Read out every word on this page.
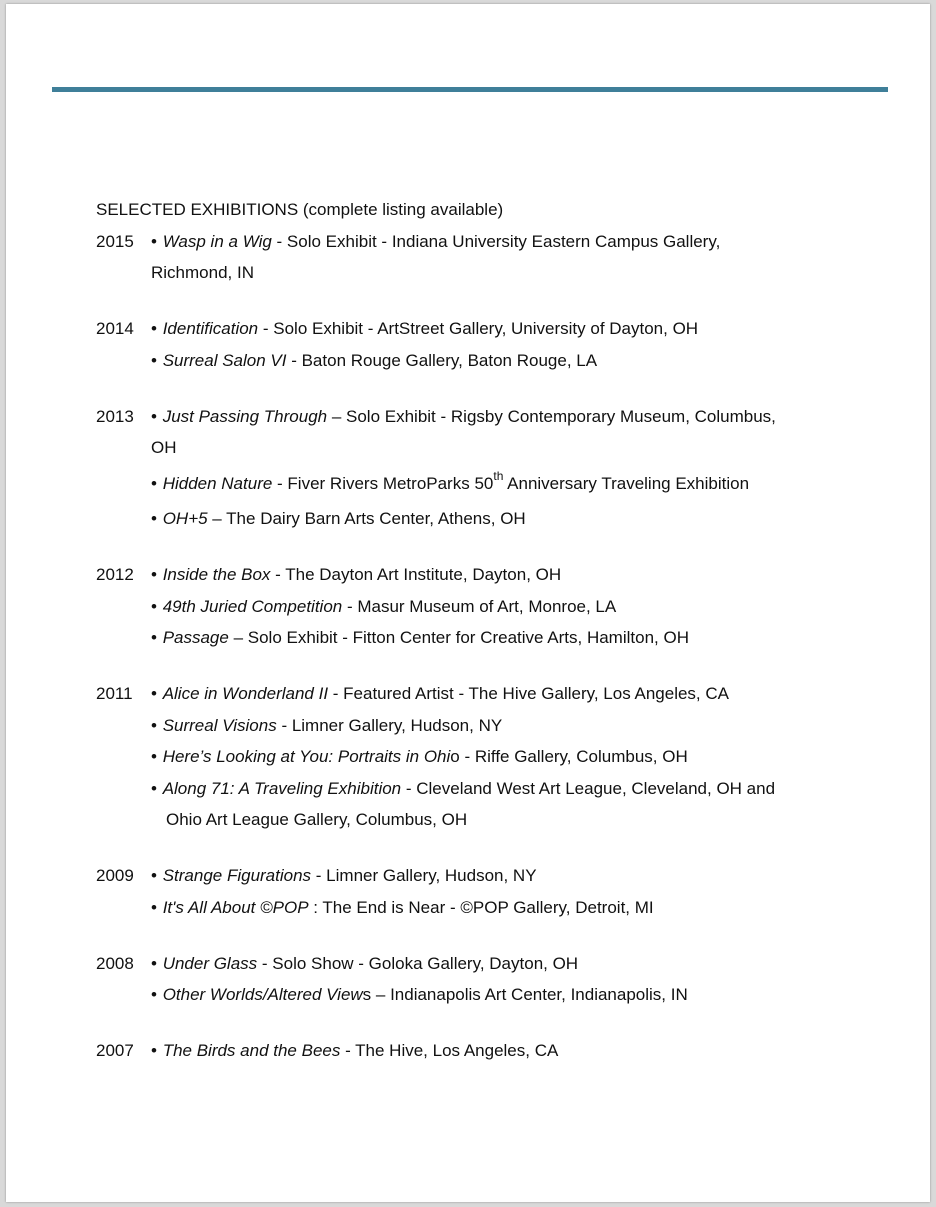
SELECTED EXHIBITIONS (complete listing available)

2015	• Wasp in a Wig - Solo Exhibit - Indiana University Eastern Campus Gallery,
Richmond, IN

2014	• Identification - Solo Exhibit - ArtStreet Gallery, University of Dayton, OH

• Surreal Salon VI - Baton Rouge Gallery, Baton Rouge, LA

2013	• Just Passing Through – Solo Exhibit - Rigsby Contemporary Museum, Columbus,
OH

• Hidden Nature - Fiver Rivers MetroParks 50th Anniversary Traveling Exhibition

• OH+5 – The Dairy Barn Arts Center, Athens, OH

2012	• Inside the Box - The Dayton Art Institute, Dayton, OH

• 49th Juried Competition - Masur Museum of Art, Monroe, LA

• Passage – Solo Exhibit - Fitton Center for Creative Arts, Hamilton, OH

2011	• Alice in Wonderland II - Featured Artist - The Hive Gallery, Los Angeles, CA

• Surreal Visions - Limner Gallery, Hudson, NY

• Here’s Looking at You: Portraits in Ohio - Riffe Gallery, Columbus, OH

• Along 71: A Traveling Exhibition - Cleveland West Art League, Cleveland, OH and
Ohio Art League Gallery, Columbus, OH

2009	• Strange Figurations - Limner Gallery, Hudson, NY

• It's All About ©POP : The End is Near - ©POP Gallery, Detroit, MI

2008	• Under Glass - Solo Show - Goloka Gallery, Dayton, OH

• Other Worlds/Altered Views – Indianapolis Art Center, Indianapolis, IN

2007	• The Birds and the Bees - The Hive, Los Angeles, CA
